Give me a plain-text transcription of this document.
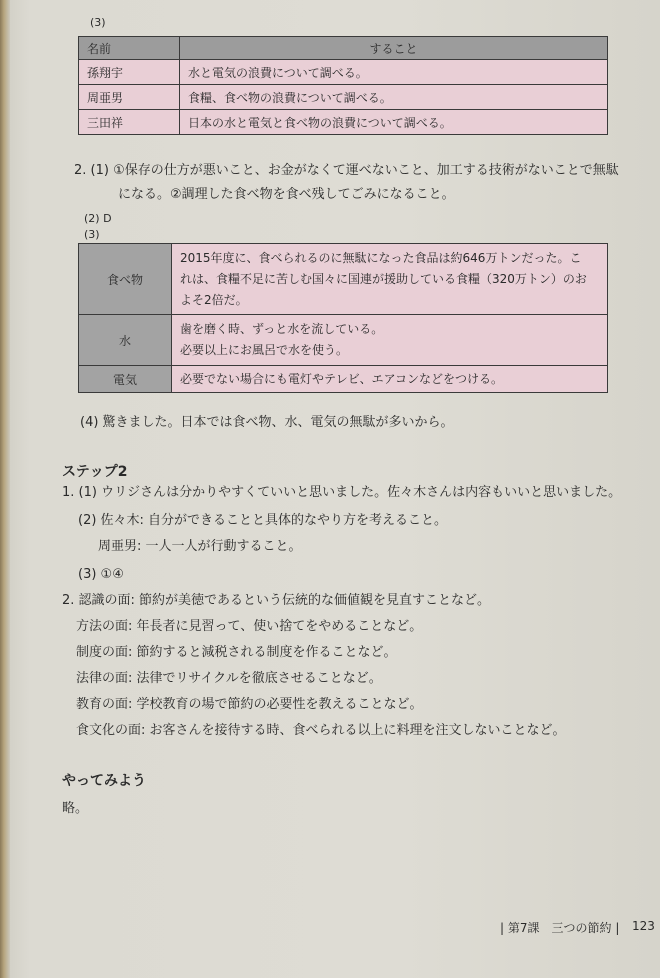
(3)
名前	すること
孫翔宇	水と電気の浪費について調べる。
周亜男	食糧、食べ物の浪費について調べる。
三田祥	日本の水と電気と食べ物の浪費について調べる。
2. (1) ①保存の仕方が悪いこと、お金がなくて運べないこと、加工する技術がないことで無駄
になる。②調理した食べ物を食べ残してごみになること。
(2) D
(3)
食べ物	2015年度に、食べられるのに無駄になった食品は約646万トンだった。こ
れは、食糧不足に苦しむ国々に国連が援助している食糧（320万トン）のお
よそ2倍だ。

水	歯を磨く時、ずっと水を流している。
必要以上にお風呂で水を使う。

電気	必要でない場合にも電灯やテレビ、エアコンなどをつける。
(4) 驚きました。日本では食べ物、水、電気の無駄が多いから。
ステップ2
1. (1) ウリジさんは分かりやすくていいと思いました。佐々木さんは内容もいいと思いました。
(2) 佐々木: 自分ができることと具体的なやり方を考えること。
周亜男: 一人一人が行動すること。
(3) ①④
2. 認識の面: 節約が美徳であるという伝統的な価値観を見直すことなど。
方法の面: 年長者に見習って、使い捨てをやめることなど。
制度の面: 節約すると減税される制度を作ることなど。
法律の面: 法律でリサイクルを徹底させることなど。
教育の面: 学校教育の場で節約の必要性を教えることなど。
食文化の面: お客さんを接待する時、食べられる以上に料理を注文しないことなど。
やってみよう
略。
| 第7課　三つの節約 | 123
